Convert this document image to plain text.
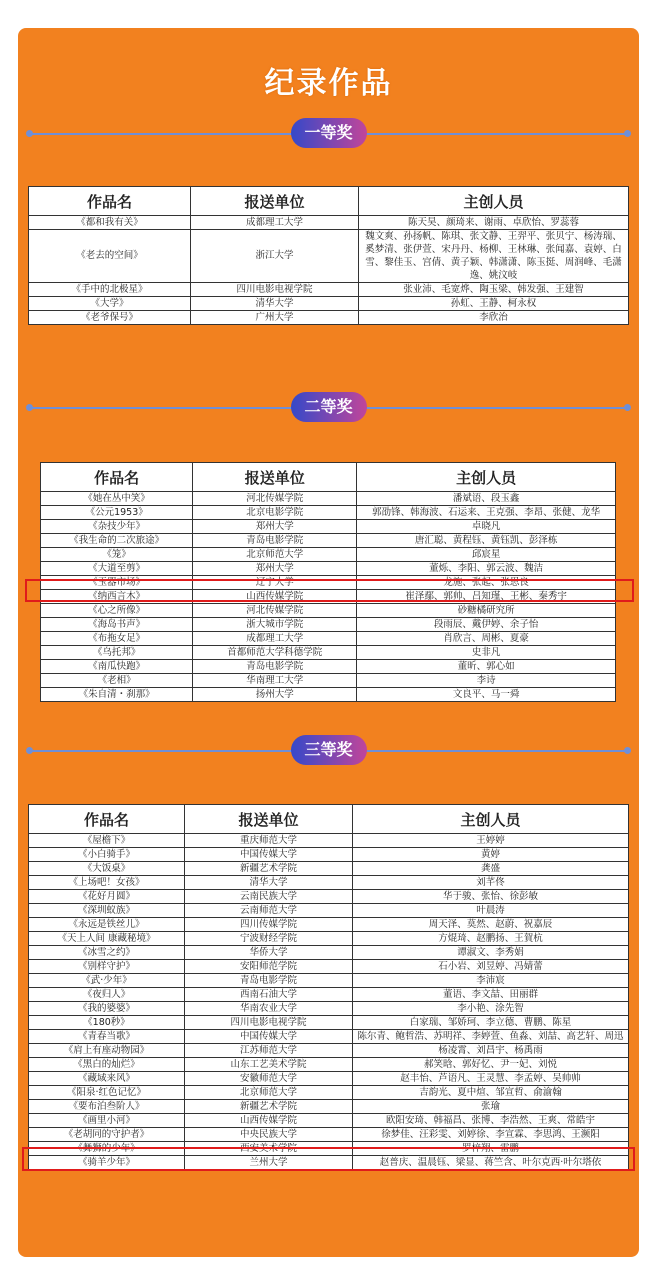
纪录作品
一等奖
作品名	报送单位	主创人员
《都和我有关》	成都理工大学	陈天昊、颜琦来、谢雨、卓欣怡、罗蕊蓉
《老去的空间》	浙江大学	魏文爽、孙扬帆、陈琪、张文静、王羿平、张贝宁、杨涛瑞、奚梦清、张伊萱、宋丹丹、杨柳、王林琳、张闻嘉、袁婷、白雪、黎佳玉、宫倩、黄子颖、韩潇潇、陈玉挺、周润峰、毛潇逸、姚汶岐
《手中的北极星》	四川电影电视学院	张业沛、毛宽烨、陶玉梁、韩发强、王建智
《大学》	清华大学	孙虹、王静、柯永权
《老爷保号》	广州大学	李欣治
二等奖
作品名	报送单位	主创人员
《她在丛中笑》	河北传媒学院	潘斌语、段玉鑫
《公元1953》	北京电影学院	郭劭锋、韩海波、石运来、王克强、李昂、张健、龙华
《杂技少年》	郑州大学	卓晓凡
《我生命的二次旅途》	青岛电影学院	唐汇聪、黄程钰、黄钰凯、彭泽栋
《笼》	北京师范大学	邱宸星
《大道至剪》	郑州大学	董烁、李阳、郭云波、魏洁
《玉器市场》	辽宁大学	龙施、张起、张思良
《纳西言木》	山西传媒学院	崔泽鄢、郭帅、吕知瑾、王彬、秦秀宇
《心之所像》	河北传媒学院	砂糖橘研究所
《海岛书声》	浙大城市学院	段雨辰、戴伊婷、余子怡
《布拖女足》	成都理工大学	肖欣言、周彬、夏豪
《乌托邦》	首都师范大学科德学院	史非凡
《南瓜快跑》	青岛电影学院	董昕、郭心如
《老相》	华南理工大学	李诗
《朱自清・刹那》	扬州大学	文良平、马一舜
三等奖
作品名	报送单位	主创人员
《屋檐下》	重庆师范大学	王婷婷
《小白骑手》	中国传媒大学	黄婷
《大饭桌》	新疆艺术学院	龚盛
《上场吧！女孩》	清华大学	刘芊佟
《花好月圆》	云南民族大学	华于骏、张怡、徐彭敏
《深圳蚁族》	云南师范大学	叶晨涛
《永远是铁丝儿》	四川传媒学院	周天泽、莫然、赵蔚、祝嘉辰
《天上人间 康藏秘境》	宁波财经学院	方焜琦、赵鹏扬、王賀杭
《冰雪之约》	华侨大学	谭淑文、李秀娟
《别样守护》	安阳师范学院	石小岩、刘昱婷、冯婧蕾
《武·少年》	青岛电影学院	李沛宸
《夜归人》	西南石油大学	董语、李文喆、田丽群
《我的婆婆》	华南农业大学	李小艳、涂先智
《180秒》	四川电影电视学院	白家瑞、邹娇珂、李立德、曹鹏、陈星
《青春当歌》	中国传媒大学	陈尔青、鲍哲浩、苏明祥、李婷萱、鱼淼、刘喆、高艺轩、周迅
《肩上有座动物园》	江苏师范大学	杨凌霄、刘昌宇、杨禹雨
《黑白的灿烂》	山东工艺美术学院	郝笑晗、郭好忆、尹一妃、刘悦
《藏域来风》	安徽师范大学	赵丰怡、芦语凡、王灵慧、李孟婷、吴帅帅
《阳泉·红色记忆》	北京师范大学	吉韵光、夏中煊、邹宣哲、俞渝翰
《要布泊叁阶人》	新疆艺术学院	张瑜
《画里小河》	山西传媒学院	欧阳安琦、韩福昌、张博、李浩然、王爽、常皓宇
《老胡同的守护者》	中央民族大学	徐梦佳、汪彩雯、刘婷徐、李宣霖、李思鸿、王濒阳
《舞狮的少年》	西安美术学院	罗梓翔、雷鹏
《骑羊少年》	兰州大学	赵普庆、温晨钰、梁显、蒋竺含、叶尔克西·叶尔塔依
